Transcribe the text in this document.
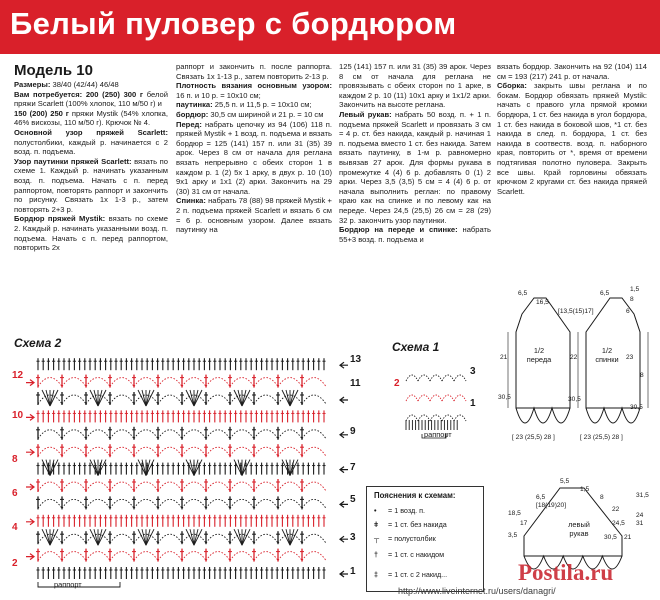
Белый пуловер с бордюром
Модель 10

Размеры: 38/40 (42/44) 46/48

Вам потребуется: 200 (250) 300 г белой пряжи Scarlett (100% хлопок, 110 м/50 г) и

150 (200) 250 г пряжи Mystik (54% хлопка, 46% вискозы, 110 м/50 г). Крючок № 4.

Основной узор пряжей Scarlett: полустолбики, каждый р. начинается с 2 возд. п. подъема.

Узор паутинки пряжей Scarlett: вязать по схеме 1. Каждый р. начинать указанным возд. п. подъема. Начать с п. перед раппортом, повторять раппорт и закончить по рисунку. Связать 1х 1-3 р., затем повторять 2+3 р.

Бордюр пряжей Mystik: вязать по схеме 2. Каждый р. начинать указанными возд. п. подъема. Начать с п. перед раппортом, повторить 2х

раппорт и закончить п. после раппорта. Связать 1х 1-13 р., затем повторить 2-13 р.

Плотность вязания основным узором: 16 п. и 10 р. = 10х10 см;

паутинка: 25,5 п. и 11,5 р. = 10х10 см;

бордюр: 30,5 см шириной и 21 р. = 10 см

Перед: набрать цепочку из 94 (106) 118 п. пряжей Mystik + 1 возд. п. подъема и вязать бордюр = 125 (141) 157 п. или 31 (35) 39 арок. Через 8 см от начала для реглана вязать непрерывно с обеих сторон 1 в каждом р. 1 (2) 5х 1 арку, в двух р. 10 (10) 9х1 арку и 1х1 (2) арки. Закончить на 29 (30) 31 см от начала.

Спинка: набрать 78 (88) 98 пряжей Mystik + 2 п. подъема пряжей Scarlett и вязать 6 см = 6 р. основным узором. Далее вязать паутинку на

125 (141) 157 п. или 31 (35) 39 арок. Через 8 см от начала для реглана не провязывать с обеих сторон по 1 арке, в каждом 2 р. 10 (11) 10х1 арку и 1х1/2 арки. Закончить на высоте реглана.

Левый рукав: набрать 50 возд. п. + 1 п. подъема пряжей Scarlett и провязать 3 см = 4 р. ст. без накида, каждый р. начиная 1 п. подъема вместо 1 ст. без накида. Затем вязать паутинку, в 1-м р. равномерно вывязав 27 арок. Для формы рукава в промежутке 4 (4) 6 р. добавлять 0 (1) 2 арки. Через 3,5 (3,5) 5 см = 4 (4) 6 р. от начала выполнить реглан: по правому краю как на спинке и по левому как на переде. Через 24,5 (25,5) 26 см = 28 (29) 32 р. закончить узор паутинки.

Бордюр на переде и спинке: набрать 55+3 возд. п. подъема и

вязать бордюр. Закончить на 92 (104) 114 см = 193 (217) 241 р. от начала.

Сборка: закрыть швы реглана и по бокам. Бордюр обвязать пряжей Mystik: начать с правого угла прямой кромки бордюра, 1 ст. без накида в угол бордюра, 1 ст. без накида в боковой шов, *1 ст. без накида в след. п. бордюра, 1 ст. без накида в соотвеств. возд. п. наборного края, повторить от *, время от времени подтягивая полотно пуловера. Закрыть все швы. Край горловины обвязать крючком 2 кругами ст. без накида пряжей Scarlett.

Схема 2
раппорт
Схема 1
2
3
1
раппорт
1/2
переда
1/2
спинки
6,5	6,5
16,5
[13,5(15)17]	6
8
1,5
21	22	23
8
30,5	30,5
[ 23 (25,5) 28 ]	[ 23 (25,5) 28 ]
30,5
левый
рукав
5,5
1,5
6,5	8
18,5
17
22
24,5
21
30,5
3,5
[18(19)20]
31,5
24
31
Пояснения к схемам:
• = 1 возд. п.
ǂ = 1 ст. без накида
┬ = полустолбик
† = 1 ст. с накидом
‡ = 1 ст. с 2 накид...	Postila.ru
http://www.liveinternet.ru/users/danagri/
12
10
8
6
4
2
13
11
9
7
5
3
1
